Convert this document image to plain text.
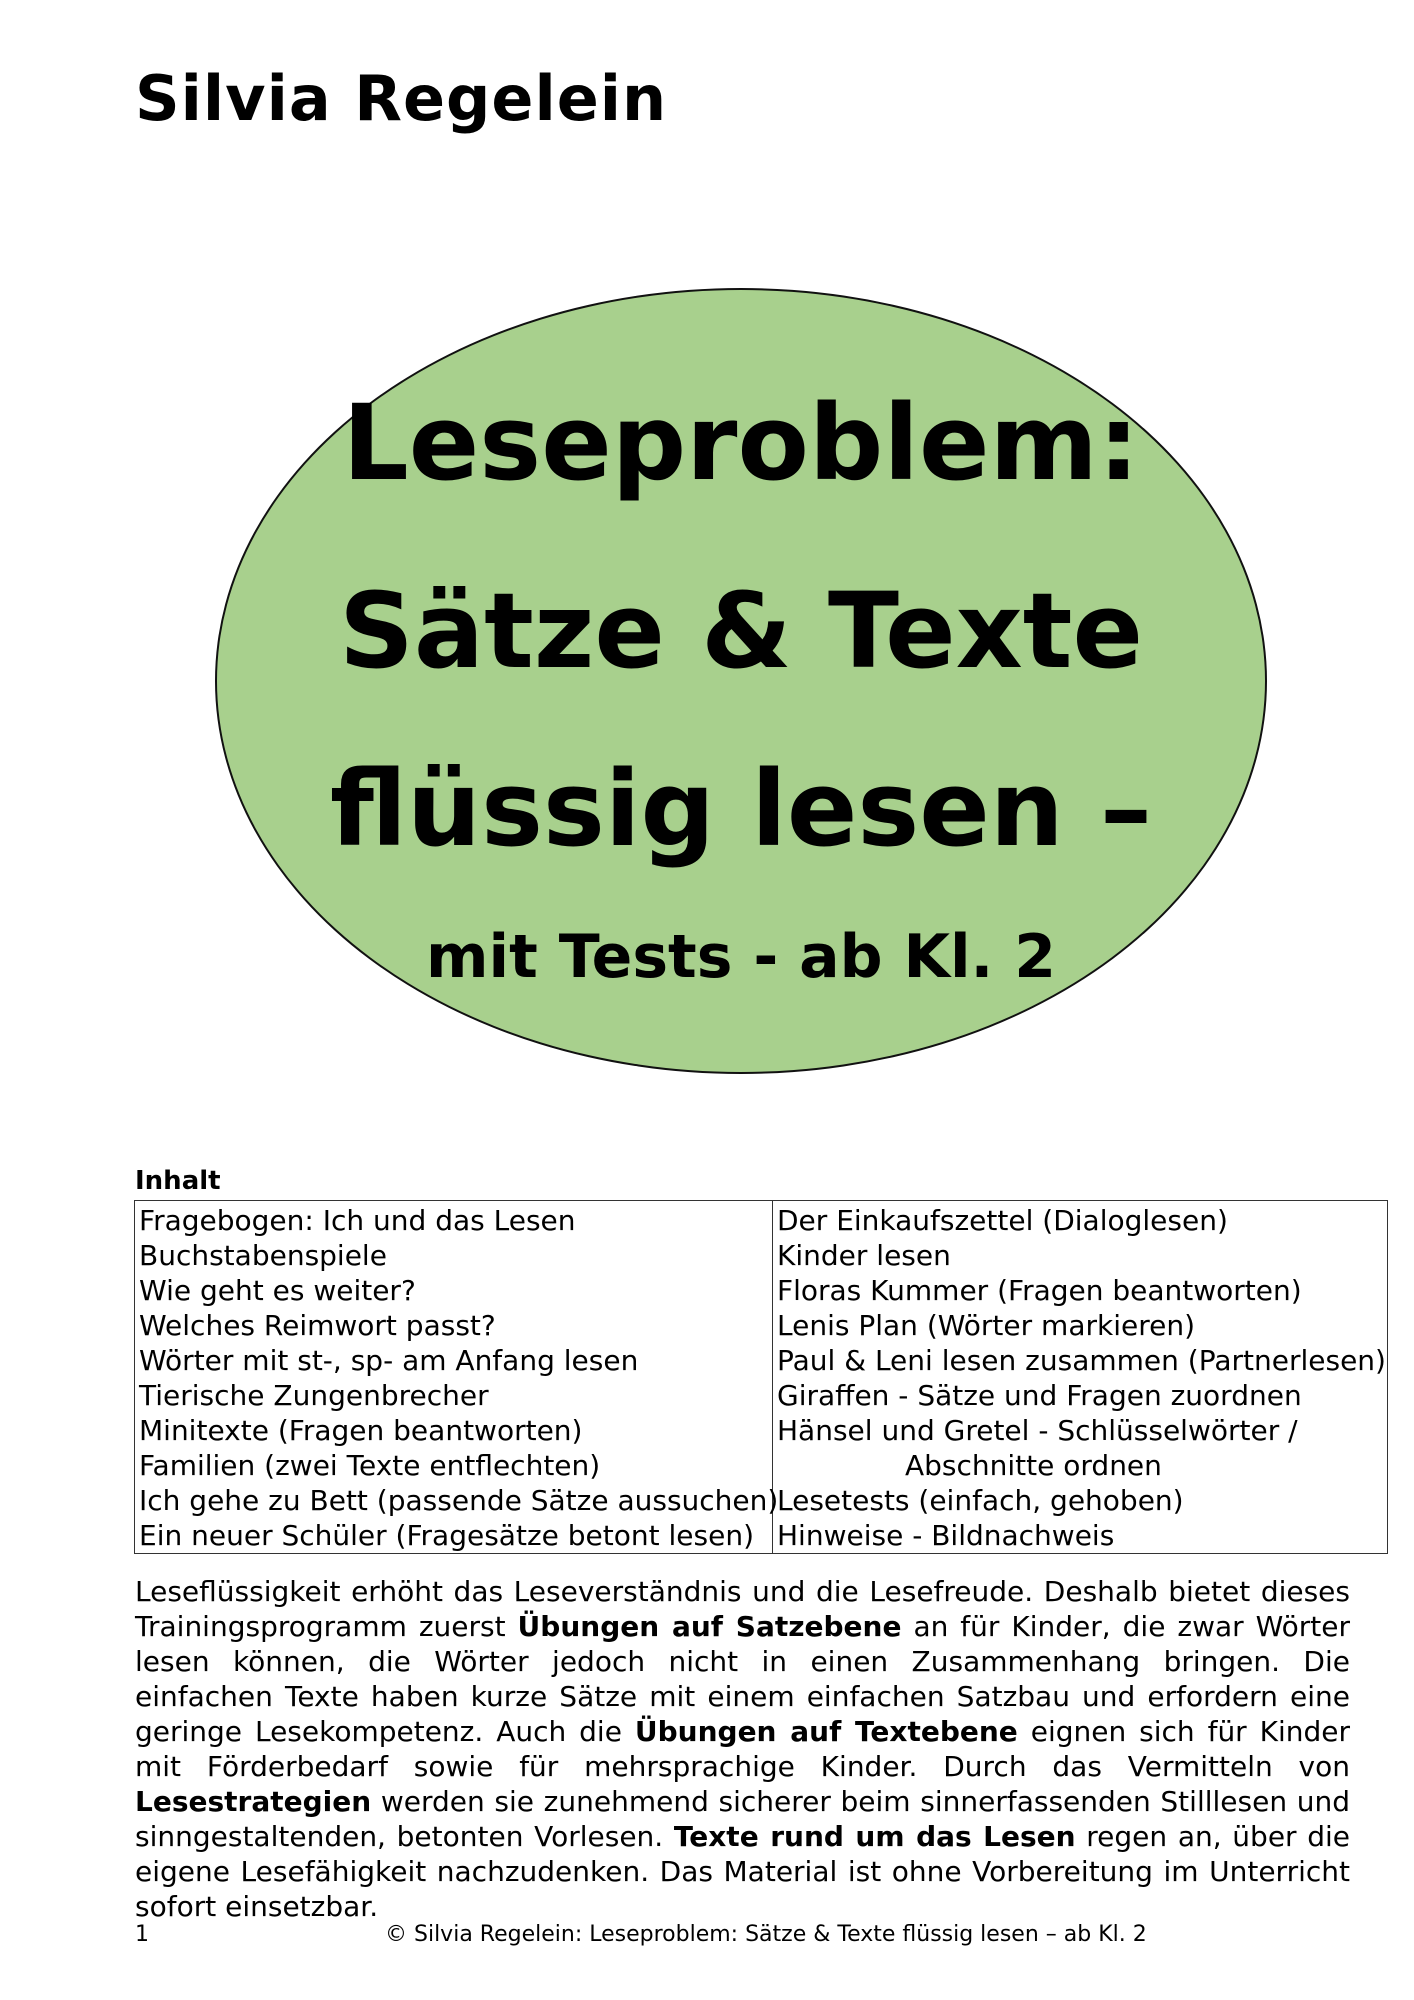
Silvia Regelein
Leseproblem:
Sätze & Texte
flüssig lesen –
mit Tests - ab Kl. 2
Inhalt
Fragebogen: Ich und das Lesen
Buchstabenspiele
Wie geht es weiter?
Welches Reimwort passt?
Wörter mit st-, sp- am Anfang lesen
Tierische Zungenbrecher
Minitexte (Fragen beantworten)
Familien (zwei Texte entflechten)
Ich gehe zu Bett (passende Sätze aussuchen)
Ein neuer Schüler (Fragesätze betont lesen)
Der Einkaufszettel (Dialoglesen)
Kinder lesen
Floras Kummer (Fragen beantworten)
Lenis Plan (Wörter markieren)
Paul & Leni lesen zusammen (Partnerlesen)
Giraffen - Sätze und Fragen zuordnen
Hänsel und Gretel - Schlüsselwörter /
Abschnitte ordnen
Lesetests (einfach, gehoben)
Hinweise - Bildnachweis
Leseflüssigkeit erhöht das Leseverständnis und die Lesefreude. Deshalb bietet dieses Trainingsprogramm zuerst Übungen auf Satzebene an für Kinder, die zwar Wörter lesen können, die Wörter jedoch nicht in einen Zusammenhang bringen. Die einfachen Texte haben kurze Sätze mit einem einfachen Satzbau und erfordern eine geringe Lesekompetenz. Auch die Übungen auf Textebene eignen sich für Kinder mit Förderbedarf sowie für mehrsprachige Kinder. Durch das Vermitteln von Lesestrategien werden sie zunehmend sicherer beim sinnerfassenden Stilllesen und sinngestaltenden, betonten Vorlesen. Texte rund um das Lesen regen an, über die eigene Lesefähigkeit nachzudenken. Das Material ist ohne Vorbereitung im Unterricht sofort einsetzbar.
1	© Silvia Regelein: Leseproblem: Sätze & Texte flüssig lesen – ab Kl. 2
